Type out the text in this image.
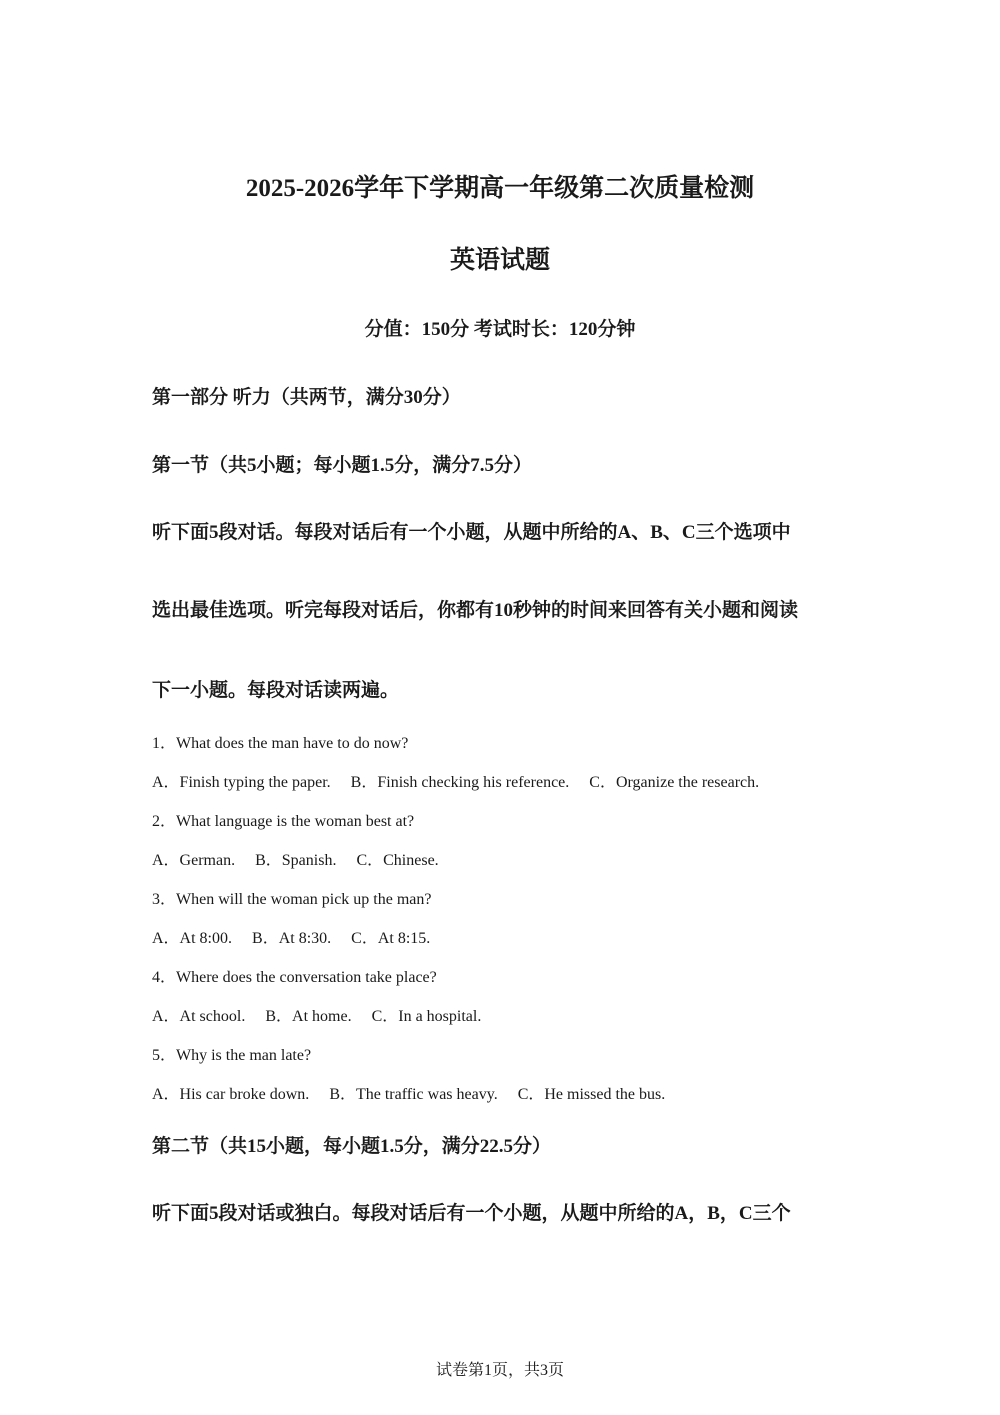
2025-2026学年下学期高一年级第二次质量检测
英语试题
分值：150分 考试时长：120分钟
第一部分 听力（共两节，满分30分）
第一节（共5小题；每小题1.5分，满分7.5分）
听下面5段对话。每段对话后有一个小题，从题中所给的A、B、C三个选项中
选出最佳选项。听完每段对话后，你都有10秒钟的时间来回答有关小题和阅读
下一小题。每段对话读两遍。
1．What does the man have to do now?
A．Finish typing the paper. B．Finish checking his reference. C．Organize the research.
2．What language is the woman best at?
A．German. B．Spanish. C．Chinese.
3．When will the woman pick up the man?
A．At 8:00. B．At 8:30. C．At 8:15.
4．Where does the conversation take place?
A．At school. B．At home. C．In a hospital.
5．Why is the man late?
A．His car broke down. B．The traffic was heavy. C．He missed the bus.
第二节（共15小题，每小题1.5分，满分22.5分）
听下面5段对话或独白。每段对话后有一个小题，从题中所给的A，B，C三个
试卷第1页，共3页
